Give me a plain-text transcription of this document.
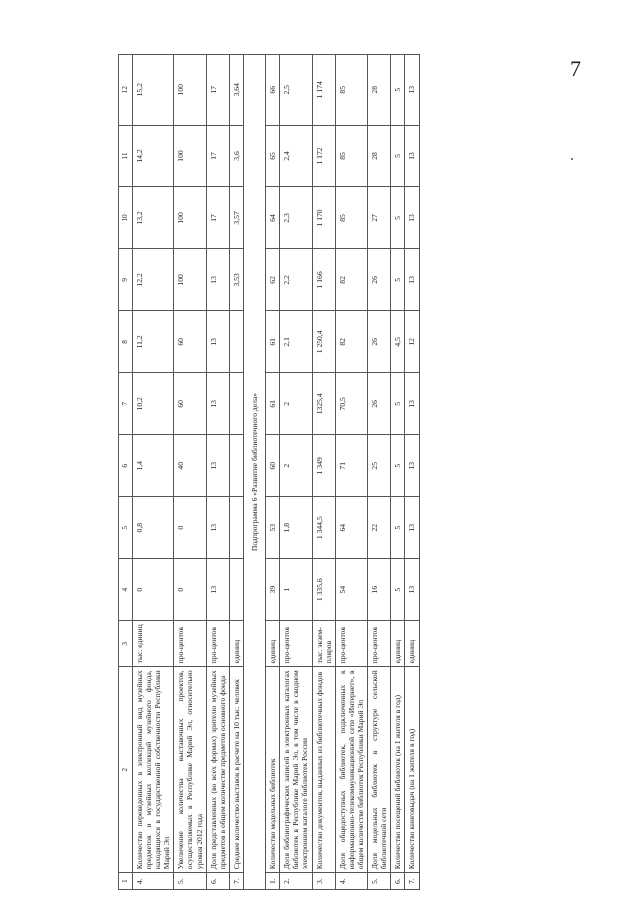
7
1	2	3	4	5	6	7	8	9	10	11	12
4.	Количество переведенных в электронный вид музейных предметов и музейных коллекций музейного фонда, находящихся в государственной собственности Республики Марий Эл	тыс. единиц	0	0,8	1,4	10,2	11,2	12,2	13,2	14,2	15,2
5.	Увеличение количества выставочных проектов, осуществляемых в Республике Марий Эл, относительно уровня 2012 года	про-центов	0	0	40	60	60	100	100	100	100
6.	Доля представленных (во всех формах) зрителю музейных предметов в общем количестве предметов основного фонда	про-центов	13	13	13	13	13	13	17	17	17
7.	Среднее количество выставок в расчете на 10 тыс. человек	единиц						3,53	3,57	3,6	3,64
Подпрограмма 6 «Развитие библиотечного дела»											
1.	Количество модельных библиотек	единиц	39	53	60	61	61	62	64	65	66
2.	Доля библиографических записей в электронных каталогах библиотек в Республике Марий Эл, в том числе в сводном электронном каталоге библиотек России	про-центов	1	1,8	2	2	2,1	2,2	2,3	2,4	2,5
3.	Количество документов, выданных из библиотечных фондов	тыс. экзем-пляров	1 335,6	1 344,5	1 349	1325,4	1 250,4	1 166	1 170	1 172	1 174
4.	Доля общедоступных библиотек, подключенных к информационно-телекоммуникационной сети «Интернет», в общем количестве библиотек Республики Марий Эл	про-центов	54	64	71	70,5	82	82	85	85	85
5.	Доля модельных библиотек в структуре сельской библиотечной сети	про-центов	16	22	25	26	26	26	27	28	28
6.	Количество посещений библиотек (на 1 жителя в год)	единиц	5	5	5	5	4,5	5	5	5	5
7.	Количество книговыдач (на 1 жителя в год)	единиц	13	13	13	13	12	13	13	13	13
